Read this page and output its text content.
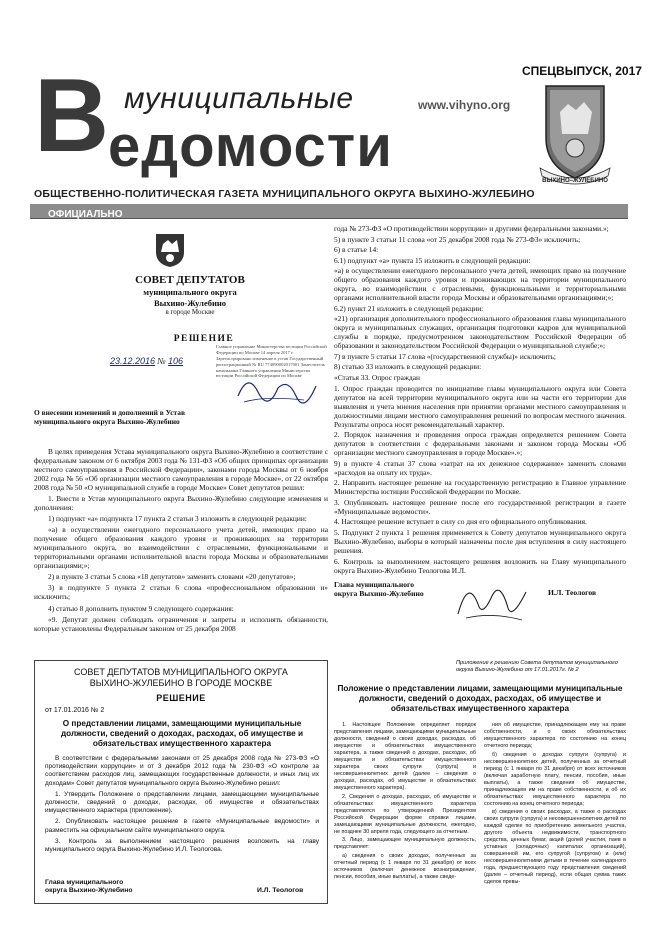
СПЕЦВЫПУСК, 2017
В муниципальные	www.vihyno.org
едомости
ВЫХИНО–ЖУЛЕБИНО
ОБЩЕСТВЕННО-ПОЛИТИЧЕСКАЯ ГАЗЕТА МУНИЦИПАЛЬНОГО ОКРУГА ВЫХИНО-ЖУЛЕБИНО
ОФИЦИАЛЬНО
СОВЕТ ДЕПУТАТОВ
муниципального округа
Выхино-Жулебино
в городе Москве
РЕШЕНИЕ
23.12.2016 № 106
Главное управление Министерства юстиции Российской Федерации по Москве 14 апреля 2017 г. Зарегистрировано изменение в устав Государственный регистрационный № RU 774090002017001 Заместитель начальника Главного управления Министерства юстиции Российской Федерации по Москве
О внесении изменений и дополнений в Устав муниципального округа Выхино-Жулебино

В целях приведения Устава муниципального округа Выхино-Жулебино в соответствие с федеральным законом от 6 октября 2003 года № 131-ФЗ «Об общих принципах организации местного самоуправления в Российской Федерации», законами города Москвы от 6 ноября 2002 года № 56 «Об организации местного самоуправления в городе Москве», от 22 октября 2008 года № 50 «О муниципальной службе в городе Москве» Совет депутатов решил:

1. Внести в Устав муниципального округа Выхино-Жулебино следующие изменения и дополнения:

1) подпункт «а» подпункта 17 пункта 2 статьи 3 изложить в следующей редакции:

«а) в осуществлении ежегодного персонального учета детей, имеющих право на получение общего образования каждого уровня и проживающих на территории муниципального округа, во взаимодействии с отраслевыми, функциональными и территориальными органами исполнительной власти города Москвы и образовательными организациями;»;

2) в пункте 3 статьи 5 слова «18 депутатов» заменить словами «20 депутатов»;

3) в подпункте 5 пункта 2 статьи 6 слова «профессиональном образовании и» исключить;

4) статью 8 дополнить пунктом 9 следующего содержания:

«9. Депутат должен соблюдать ограничения и запреты и исполнять обязанности, которые установлены Федеральным законом от 25 декабря 2008

года № 273-ФЗ «О противодействии коррупции» и другими федеральными законами.»;

5) в пункте 3 статьи 11 слова «от 25 декабря 2008 года № 273-ФЗ» исключить;

6) в статье 14:

6.1) подпункт «а» пункта 15 изложить в следующей редакции:

«а) в осуществлении ежегодного персонального учета детей, имеющих право на получение общего образования каждого уровня и проживающих на территории муниципального округа, во взаимодействии с отраслевыми, функциональными и территориальными органами исполнительной власти города Москвы и образовательными организациями;»;

6.2) пункт 21 изложить в следующей редакции:

«21) организация дополнительного профессионального образования главы муниципального округа и муниципальных служащих, организация подготовки кадров для муниципальной службы в порядке, предусмотренном законодательством Российской Федерации об образовании и законодательством Российской Федерации о муниципальной службе;»;

7) в пункте 5 статьи 17 слова «(государственной службы)» исключить;

8) статью 33 изложить в следующей редакции:

«Статья 33. Опрос граждан

1. Опрос граждан проводится по инициативе главы муниципального округа или Совета депутатов на всей территории муниципального округа или на части его территории для выявления и учета мнения населения при принятии органами местного самоуправления и должностными лицами местного самоуправления решений по вопросам местного значения. Результаты опроса носят рекомендательный характер.

2. Порядок назначения и проведения опроса граждан определяется решением Совета депутатов в соответствии с федеральными законами и законом города Москвы «Об организации местного самоуправления в городе Москве».»;

9) в пункте 4 статьи 37 слова «затрат на их денежное содержание» заменить словами «расходов на оплату их труда».

2. Направить настоящее решение на государственную регистрацию в Главное управление Министерства юстиции Российской Федерации по Москве.

3. Опубликовать настоящее решение после его государственной регистрации в газете «Муниципальные ведомости».

4. Настоящее решение вступает в силу со дня его официального опубликования.

5. Подпункт 2 пункта 1 решения применяется к Совету депутатов муниципального округа Выхино-Жулебино, выборы в который назначены после дня вступления в силу настоящего решения.

6. Контроль за выполнением настоящего решения возложить на Главу муниципального округа Выхино-Жулебино Теологова И.Л.

Глава муниципального
округа Выхино-Жулебино	И.Л. Теологов
СОВЕТ ДЕПУТАТОВ МУНИЦИПАЛЬНОГО ОКРУГА
ВЫХИНО-ЖУЛЕБИНО В ГОРОДЕ МОСКВЕ
РЕШЕНИЕ
от 17.01.2016 № 2
О представлении лицами, замещающими муниципальные должности, сведений о доходах, расходах, об имуществе и обязательствах имущественного характера

В соответствии с федеральными законами от 25 декабря 2008 года № 273-ФЗ «О противодействии коррупции» и от 3 декабря 2012 года № 230-ФЗ «О контроле за соответствием расходов лиц, замещающих государственные должности, и иных лиц их доходам» Совет депутатов муниципального округа Выхино-Жулебино решил:

1. Утвердить Положение о представлении лицами, замещающими муниципальные должности, сведений о доходах, расходах, об имуществе и обязательствах имущественного характера (приложение).

2. Опубликовать настоящее решение в газете «Муниципальные ведомости» и разместить на официальном сайте муниципального округа.

3. Контроль за выполнением настоящего решения возложить на главу муниципального округа Выхино-Жулебино И.Л. Теологова.

Глава муниципального
округа Выхино-Жулебино	И.Л. Теологов
Приложение к решению Совета депутатов муниципального округа Выхино-Жулебино от 17.01.2017г. № 2
Положение о представлении лицами, замещающими муниципальные должности, сведений о доходах, расходах, об имуществе и обязательствах имущественного характера

1. Настоящее Положение определяет порядок представления лицами, замещающими муниципальные должности, сведений о своих доходах, расходах, об имуществе и обязательствах имущественного характера, а также сведений о доходах, расходах, об имуществе и обязательствах имущественного характера своих супруги (супруга) и несовершеннолетних детей (далее – сведения о доходах, расходах, об имуществе и обязательствах имущественного характера).

2. Сведения о доходах, расходах, об имуществе и обязательствах имущественного характера представляются по утвержденной Президентом Российской Федерации форме справки лицами, замещающими муниципальные должности, ежегодно, не позднее 30 апреля года, следующего за отчетным.

3. Лицо, замещающее муниципальную должность, представляет:

а) сведения о своих доходах, полученных за отчетный период (с 1 января по 31 декабря) от всех источников (включая денежное вознаграждение, пенсии, пособия, иные выплаты), а также сведе-

ния об имуществе, принадлежащем ему на праве собственности, и о своих обязательствах имущественного характера по состоянию на конец отчетного периода;

б) сведения о доходах супруги (супруга) и несовершеннолетних детей, полученных за отчетный период (с 1 января по 31 декабря) от всех источников (включая заработную плату, пенсии, пособия, иные выплаты), а также сведения об имуществе, принадлежащем им на праве собственности, и об их обязательствах имущественного характера по состоянию на конец отчетного периода;

в) сведения о своих расходах, а также о расходах своих супруги (супруга) и несовершеннолетних детей по каждой сделке по приобретению земельного участка, другого объекта недвижимости, транспортного средства, ценных бумаг, акций (долей участия, паев в уставных (складочных) капиталах организаций), совершенной им, его супругой (супругом) и (или) несовершеннолетними детьми в течение календарного года, предшествующего году представления сведений (далее – отчетный период), если общая сумма таких сделок превы-
